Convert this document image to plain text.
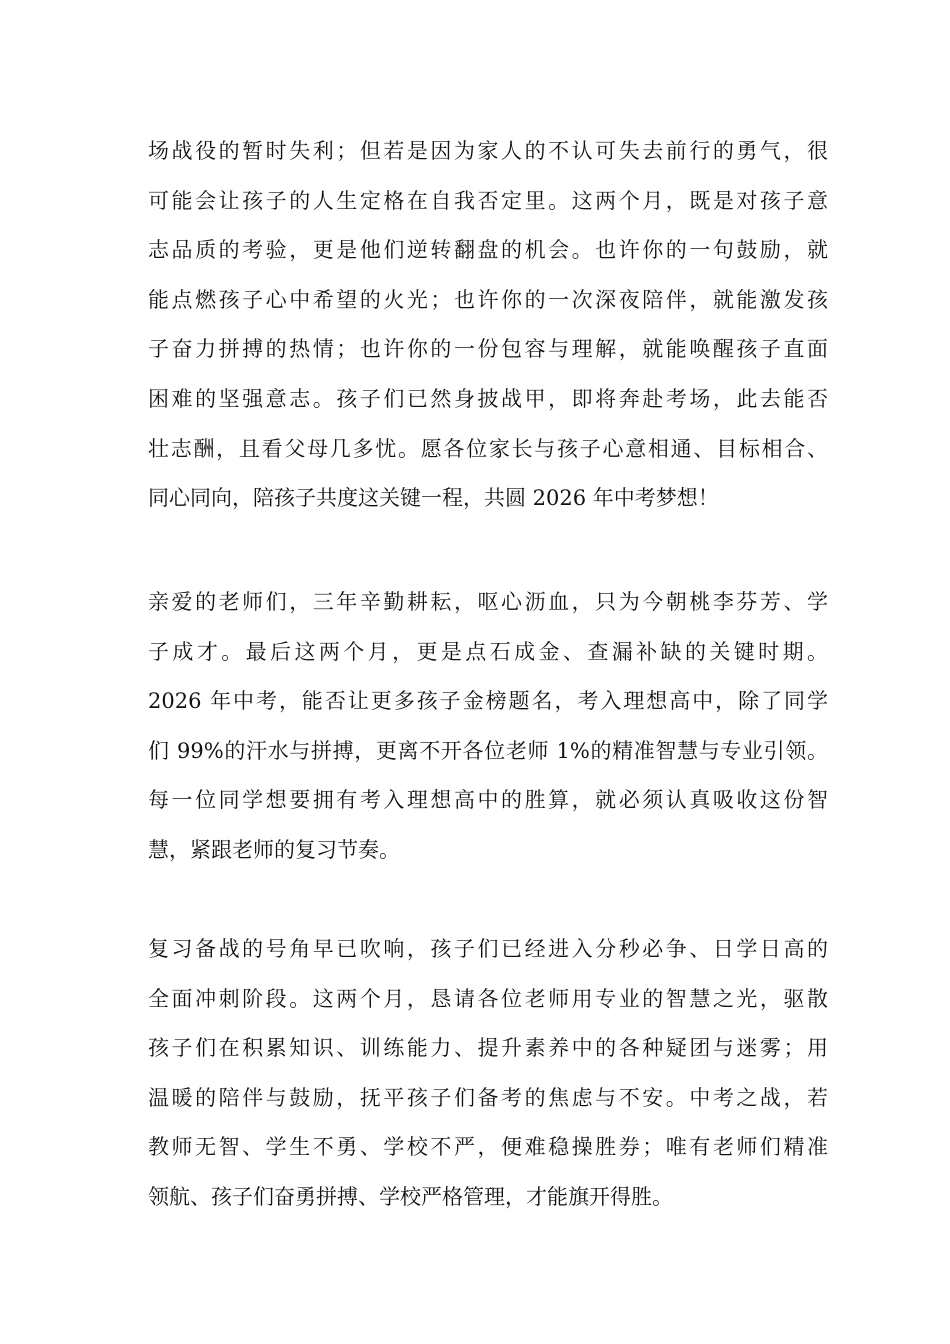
场战役的暂时失利；但若是因为家人的不认可失去前行的勇气，很
可能会让孩子的人生定格在自我否定里。这两个月，既是对孩子意
志品质的考验，更是他们逆转翻盘的机会。也许你的一句鼓励，就
能点燃孩子心中希望的火光；也许你的一次深夜陪伴，就能激发孩
子奋力拼搏的热情；也许你的一份包容与理解，就能唤醒孩子直面
困难的坚强意志。孩子们已然身披战甲，即将奔赴考场，此去能否
壮志酬，且看父母几多忧。愿各位家长与孩子心意相通、目标相合、
同心同向，陪孩子共度这关键一程，共圆 2026 年中考梦想！
亲爱的老师们，三年辛勤耕耘，呕心沥血，只为今朝桃李芬芳、学
子成才。最后这两个月，更是点石成金、查漏补缺的关键时期。
2026 年中考，能否让更多孩子金榜题名，考入理想高中，除了同学
们 99%的汗水与拼搏，更离不开各位老师 1%的精准智慧与专业引领。
每一位同学想要拥有考入理想高中的胜算，就必须认真吸收这份智
慧，紧跟老师的复习节奏。
复习备战的号角早已吹响，孩子们已经进入分秒必争、日学日高的
全面冲刺阶段。这两个月，恳请各位老师用专业的智慧之光，驱散
孩子们在积累知识、训练能力、提升素养中的各种疑团与迷雾；用
温暖的陪伴与鼓励，抚平孩子们备考的焦虑与不安。中考之战，若
教师无智、学生不勇、学校不严，便难稳操胜券；唯有老师们精准
领航、孩子们奋勇拼搏、学校严格管理，才能旗开得胜。
